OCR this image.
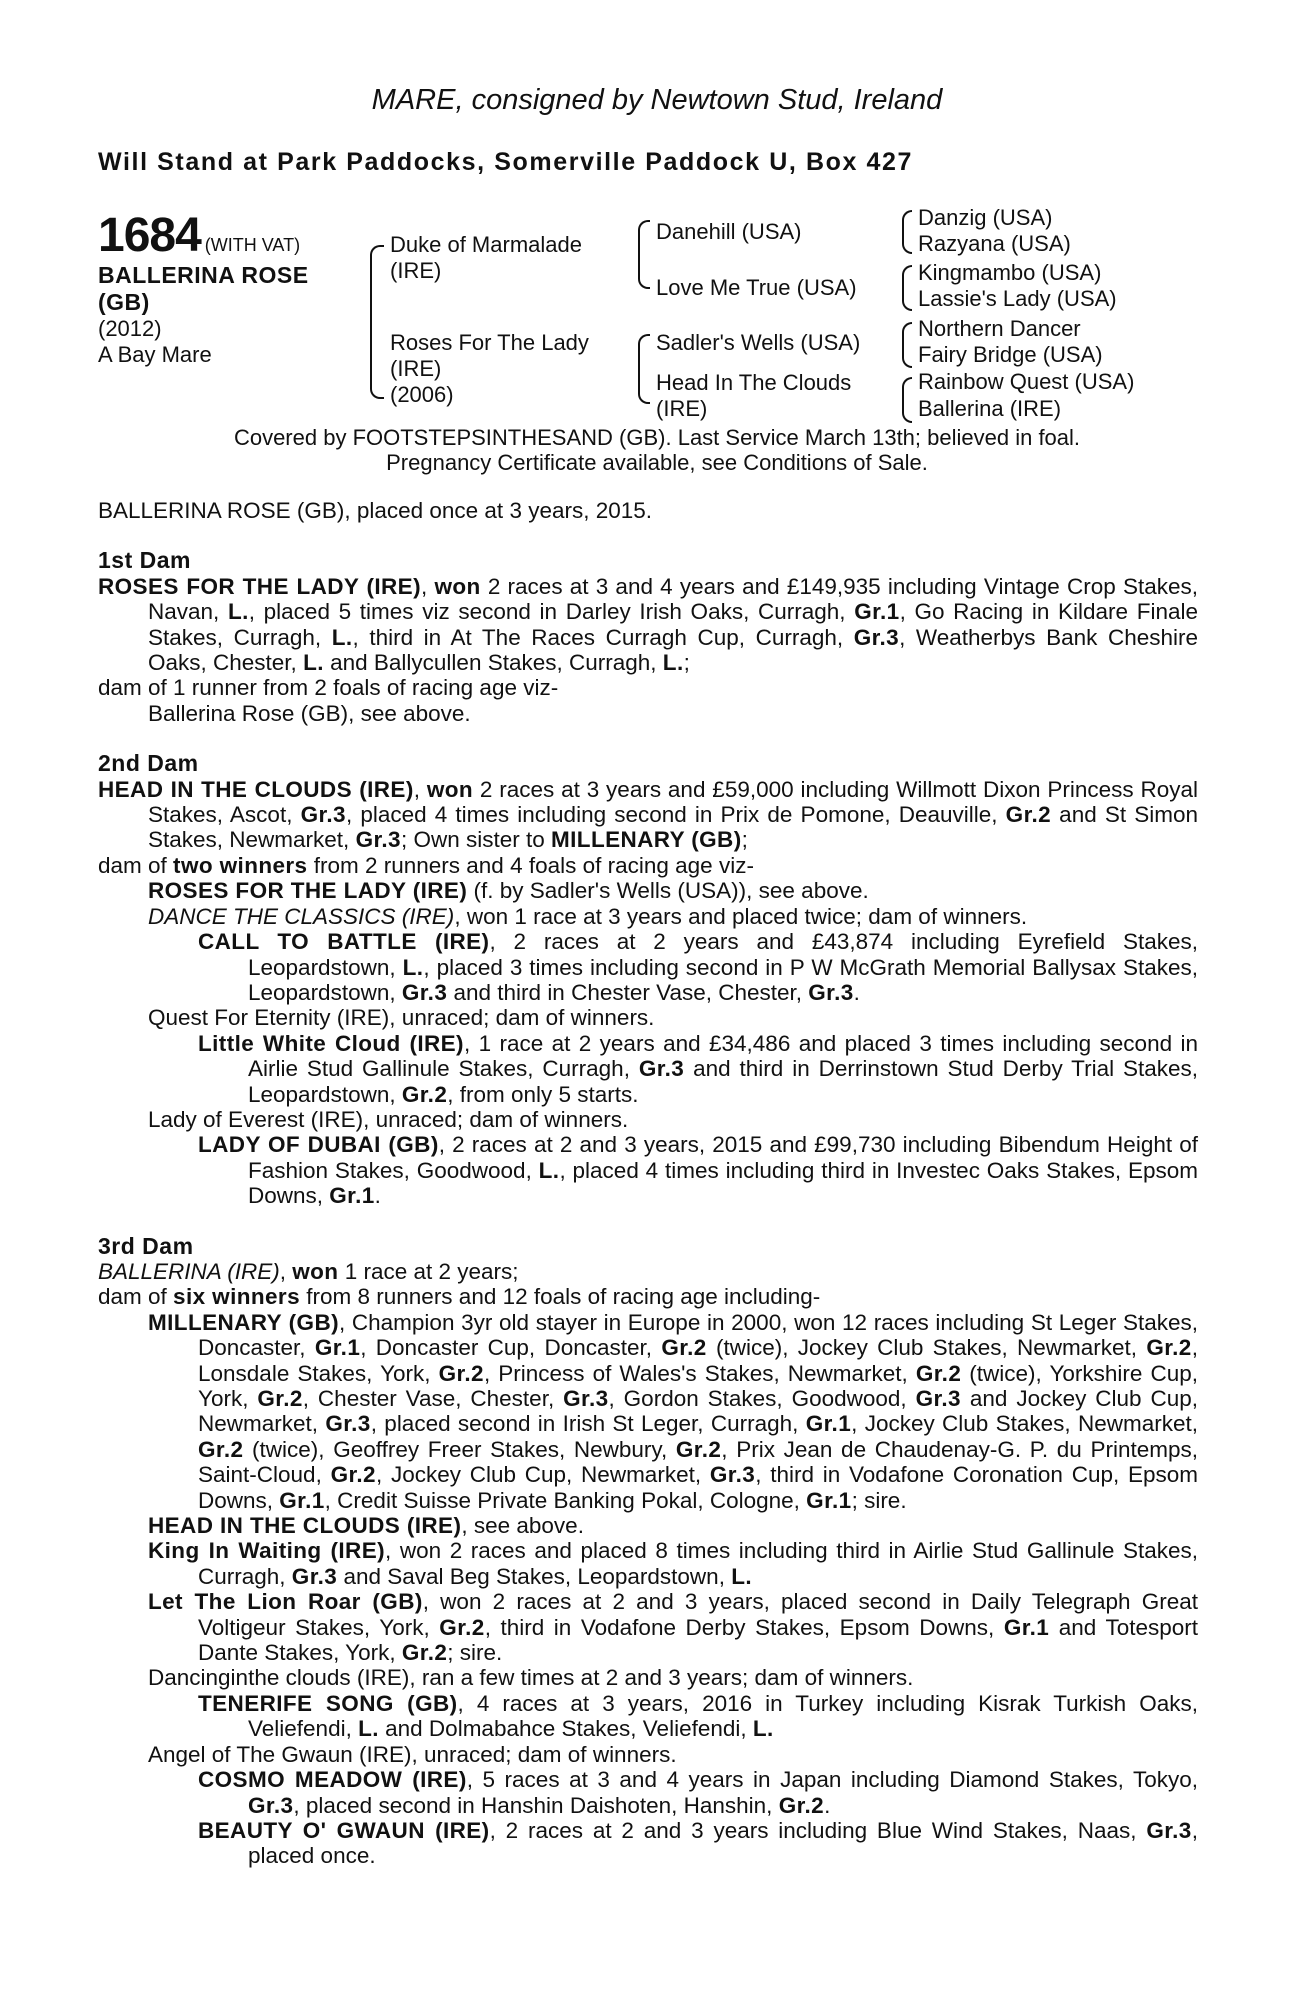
MARE, consigned by Newtown Stud, Ireland
Will Stand at Park Paddocks, Somerville Paddock U, Box 427
1684 (WITH VAT)
BALLERINA ROSE
(GB)
(2012)
A Bay Mare
Duke of Marmalade
(IRE)
Roses For The Lady
(IRE)
(2006)
Danehill (USA)
Love Me True (USA)
Sadler's Wells (USA)
Head In The Clouds
(IRE)
Danzig (USA)
Razyana (USA)
Kingmambo (USA)
Lassie's Lady (USA)
Northern Dancer
Fairy Bridge (USA)
Rainbow Quest (USA)
Ballerina (IRE)
Covered by FOOTSTEPSINTHESAND (GB). Last Service March 13th; believed in foal.
Pregnancy Certificate available, see Conditions of Sale.

BALLERINA ROSE (GB), placed once at 3 years, 2015.

1st Dam

ROSES FOR THE LADY (IRE), won 2 races at 3 and 4 years and £149,935 including Vintage Crop Stakes, Navan, L., placed 5 times viz second in Darley Irish Oaks, Curragh, Gr.1, Go Racing in Kildare Finale Stakes, Curragh, L., third in At The Races Curragh Cup, Curragh, Gr.3, Weatherbys Bank Cheshire Oaks, Chester, L. and Ballycullen Stakes, Curragh, L.;

dam of 1 runner from 2 foals of racing age viz-

Ballerina Rose (GB), see above.

2nd Dam

HEAD IN THE CLOUDS (IRE), won 2 races at 3 years and £59,000 including Willmott Dixon Princess Royal Stakes, Ascot, Gr.3, placed 4 times including second in Prix de Pomone, Deauville, Gr.2 and St Simon Stakes, Newmarket, Gr.3; Own sister to MILLENARY (GB);

dam of two winners from 2 runners and 4 foals of racing age viz-

ROSES FOR THE LADY (IRE) (f. by Sadler's Wells (USA)), see above.

DANCE THE CLASSICS (IRE), won 1 race at 3 years and placed twice; dam of winners.

CALL TO BATTLE (IRE), 2 races at 2 years and £43,874 including Eyrefield Stakes, Leopardstown, L., placed 3 times including second in P W McGrath Memorial Ballysax Stakes, Leopardstown, Gr.3 and third in Chester Vase, Chester, Gr.3.

Quest For Eternity (IRE), unraced; dam of winners.

Little White Cloud (IRE), 1 race at 2 years and £34,486 and placed 3 times including second in Airlie Stud Gallinule Stakes, Curragh, Gr.3 and third in Derrinstown Stud Derby Trial Stakes, Leopardstown, Gr.2, from only 5 starts.

Lady of Everest (IRE), unraced; dam of winners.

LADY OF DUBAI (GB), 2 races at 2 and 3 years, 2015 and £99,730 including Bibendum Height of Fashion Stakes, Goodwood, L., placed 4 times including third in Investec Oaks Stakes, Epsom Downs, Gr.1.

3rd Dam

BALLERINA (IRE), won 1 race at 2 years;

dam of six winners from 8 runners and 12 foals of racing age including-

MILLENARY (GB), Champion 3yr old stayer in Europe in 2000, won 12 races including St Leger Stakes, Doncaster, Gr.1, Doncaster Cup, Doncaster, Gr.2 (twice), Jockey Club Stakes, Newmarket, Gr.2, Lonsdale Stakes, York, Gr.2, Princess of Wales's Stakes, Newmarket, Gr.2 (twice), Yorkshire Cup, York, Gr.2, Chester Vase, Chester, Gr.3, Gordon Stakes, Goodwood, Gr.3 and Jockey Club Cup, Newmarket, Gr.3, placed second in Irish St Leger, Curragh, Gr.1, Jockey Club Stakes, Newmarket, Gr.2 (twice), Geoffrey Freer Stakes, Newbury, Gr.2, Prix Jean de Chaudenay-G. P. du Printemps, Saint-Cloud, Gr.2, Jockey Club Cup, Newmarket, Gr.3, third in Vodafone Coronation Cup, Epsom Downs, Gr.1, Credit Suisse Private Banking Pokal, Cologne, Gr.1; sire.

HEAD IN THE CLOUDS (IRE), see above.

King In Waiting (IRE), won 2 races and placed 8 times including third in Airlie Stud Gallinule Stakes, Curragh, Gr.3 and Saval Beg Stakes, Leopardstown, L.

Let The Lion Roar (GB), won 2 races at 2 and 3 years, placed second in Daily Telegraph Great Voltigeur Stakes, York, Gr.2, third in Vodafone Derby Stakes, Epsom Downs, Gr.1 and Totesport Dante Stakes, York, Gr.2; sire.

Dancinginthe clouds (IRE), ran a few times at 2 and 3 years; dam of winners.

TENERIFE SONG (GB), 4 races at 3 years, 2016 in Turkey including Kisrak Turkish Oaks, Veliefendi, L. and Dolmabahce Stakes, Veliefendi, L.

Angel of The Gwaun (IRE), unraced; dam of winners.

COSMO MEADOW (IRE), 5 races at 3 and 4 years in Japan including Diamond Stakes, Tokyo, Gr.3, placed second in Hanshin Daishoten, Hanshin, Gr.2.

BEAUTY O' GWAUN (IRE), 2 races at 2 and 3 years including Blue Wind Stakes, Naas, Gr.3, placed once.
